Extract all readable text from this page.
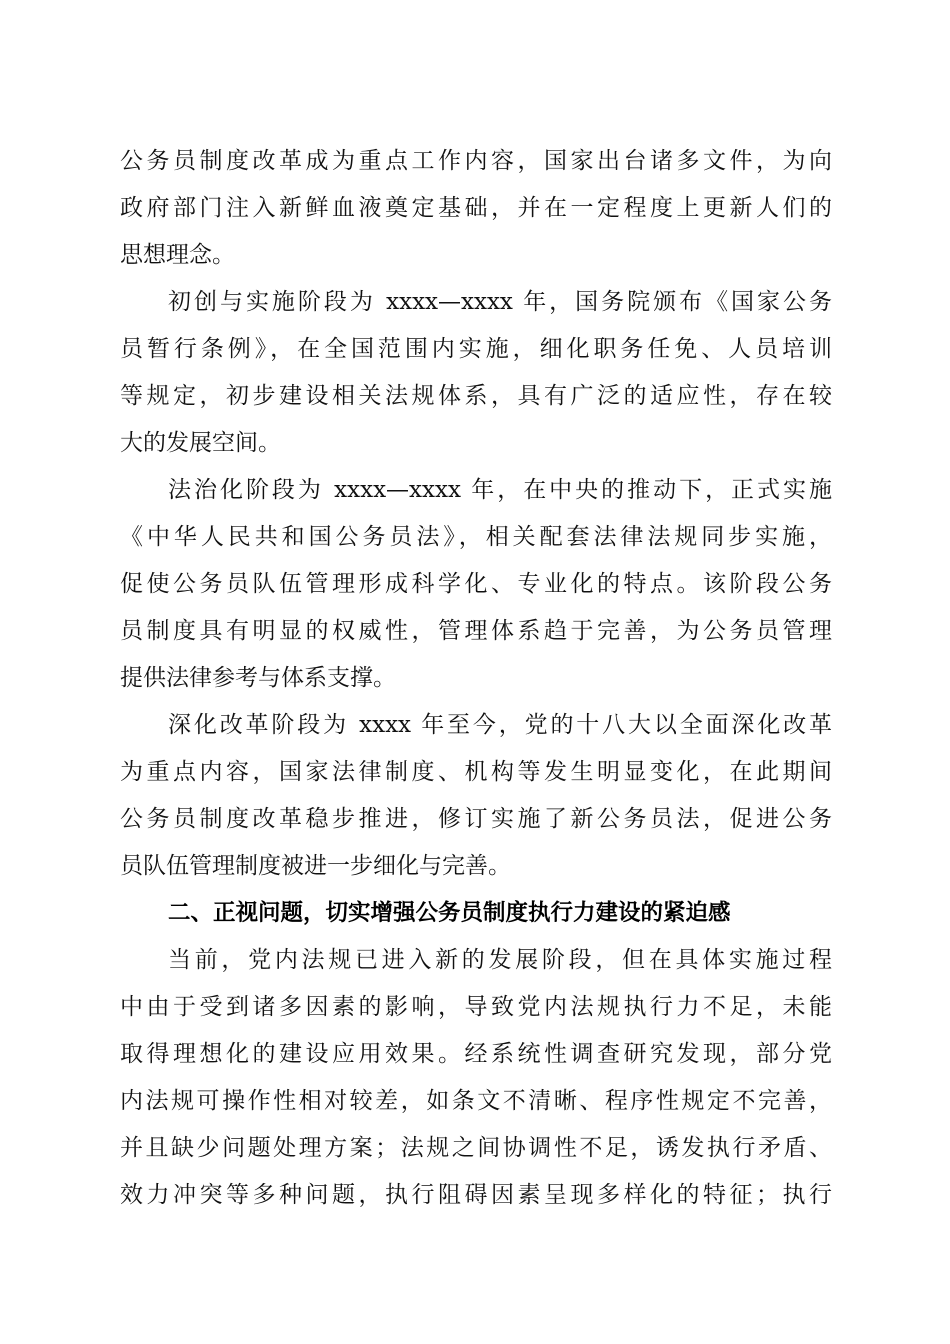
公务员制度改革成为重点工作内容，国家出台诸多文件，为向
政府部门注入新鲜血液奠定基础，并在一定程度上更新人们的
思想理念。
初创与实施阶段为 xxxx—xxxx 年，国务院颁布《国家公务
员暂行条例》，在全国范围内实施，细化职务任免、人员培训
等规定，初步建设相关法规体系，具有广泛的适应性，存在较
大的发展空间。
法治化阶段为 xxxx—xxxx 年，在中央的推动下，正式实施
《中华人民共和国公务员法》，相关配套法律法规同步实施，
促使公务员队伍管理形成科学化、专业化的特点。该阶段公务
员制度具有明显的权威性，管理体系趋于完善，为公务员管理
提供法律参考与体系支撑。
深化改革阶段为 xxxx 年至今，党的十八大以全面深化改革
为重点内容，国家法律制度、机构等发生明显变化，在此期间
公务员制度改革稳步推进，修订实施了新公务员法，促进公务
员队伍管理制度被进一步细化与完善。
二、正视问题，切实增强公务员制度执行力建设的紧迫感
当前，党内法规已进入新的发展阶段，但在具体实施过程
中由于受到诸多因素的影响，导致党内法规执行力不足，未能
取得理想化的建设应用效果。经系统性调查研究发现，部分党
内法规可操作性相对较差，如条文不清晰、程序性规定不完善，
并且缺少问题处理方案；法规之间协调性不足，诱发执行矛盾、
效力冲突等多种问题，执行阻碍因素呈现多样化的特征；执行
